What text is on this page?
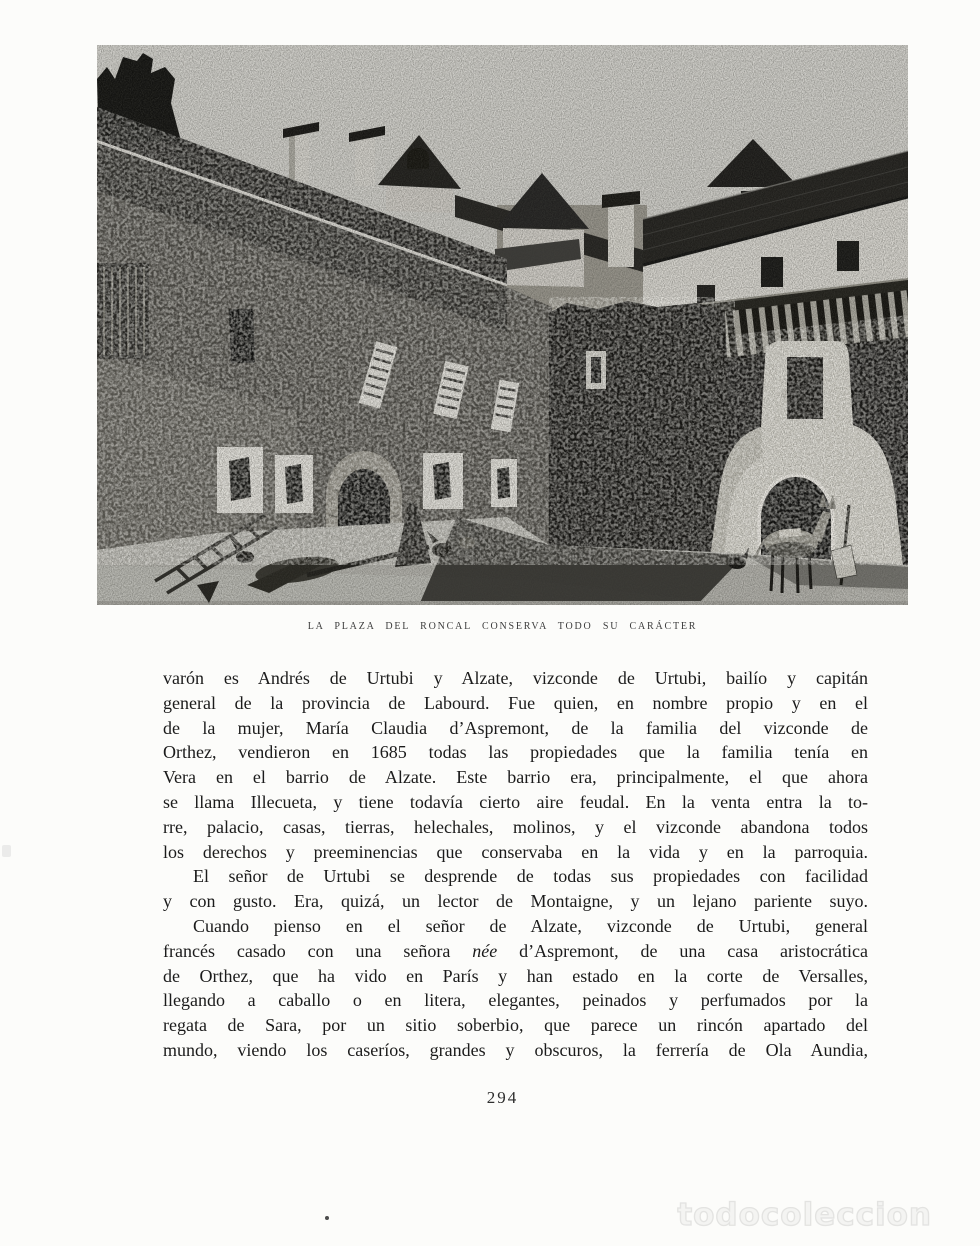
LA PLAZA DEL RONCAL CONSERVA TODO SU CARÁCTER
varón es Andrés de Urtubi y Alzate, vizconde de Urtubi, bailío y capitán
general de la provincia de Labourd. Fue quien, en nombre propio y en el
de la mujer, María Claudia d’Aspremont, de la familia del vizconde de
Orthez, vendieron en 1685 todas las propiedades que la familia tenía en
Vera en el barrio de Alzate. Este barrio era, principalmente, el que ahora
se llama Illecueta, y tiene todavía cierto aire feudal. En la venta entra la to-
rre, palacio, casas, tierras, helechales, molinos, y el vizconde abandona todos
los derechos y preeminencias que conservaba en la vida y en la parroquia.
El señor de Urtubi se desprende de todas sus propiedades con facilidad
y con gusto. Era, quizá, un lector de Montaigne, y un lejano pariente suyo.
Cuando pienso en el señor de Alzate, vizconde de Urtubi, general
francés casado con una señora née d’Aspremont, de una casa aristocrática
de Orthez, que ha vido en París y han estado en la corte de Versalles,
llegando a caballo o en litera, elegantes, peinados y perfumados por la
regata de Sara, por un sitio soberbio, que parece un rincón apartado del
mundo, viendo los caseríos, grandes y obscuros, la ferrería de Ola Aundia,
294
todocoleccion
